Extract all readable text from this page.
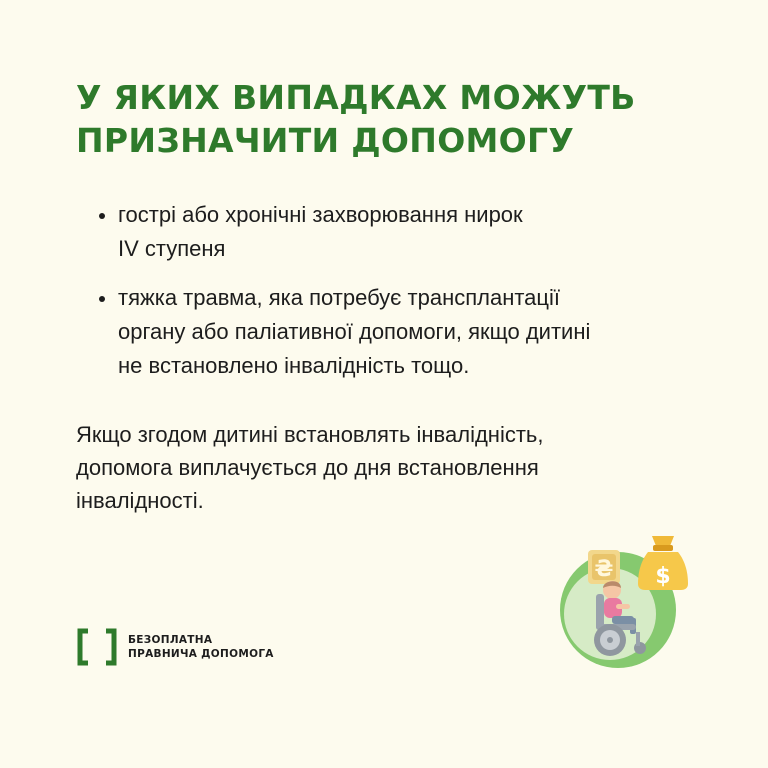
У ЯКИХ ВИПАДКАХ МОЖУТЬ
ПРИЗНАЧИТИ ДОПОМОГУ
гострі або хронічні захворювання нирок
IV ступеня
тяжка травма, яка потребує трансплантації
органу або паліативної допомоги, якщо дитині
не встановлено інвалідність тощо.

Якщо згодом дитині встановлять інвалідність,
допомога виплачується до дня встановлення
інвалідності.

БЕЗОПЛАТНА
ПРАВНИЧА ДОПОМОГА
₴ $
